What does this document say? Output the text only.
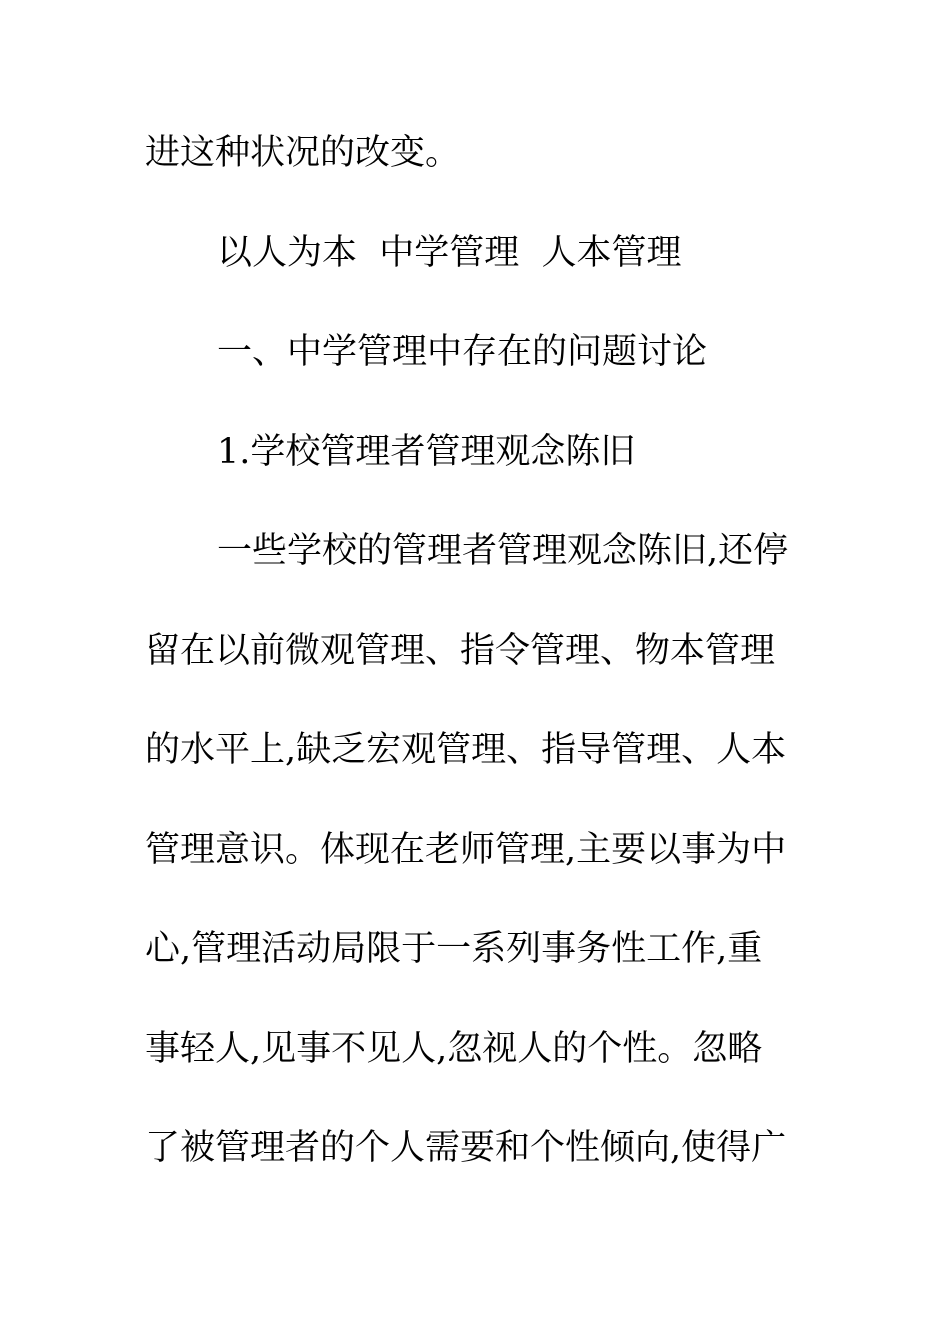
进这种状况的改变。
以人为本  中学管理  人本管理
一、中学管理中存在的问题讨论
1.学校管理者管理观念陈旧
一些学校的管理者管理观念陈旧,还停
留在以前微观管理、指令管理、物本管理
的水平上,缺乏宏观管理、指导管理、人本
管理意识。体现在老师管理,主要以事为中
心,管理活动局限于一系列事务性工作,重
事轻人,见事不见人,忽视人的个性。忽略
了被管理者的个人需要和个性倾向,使得广
